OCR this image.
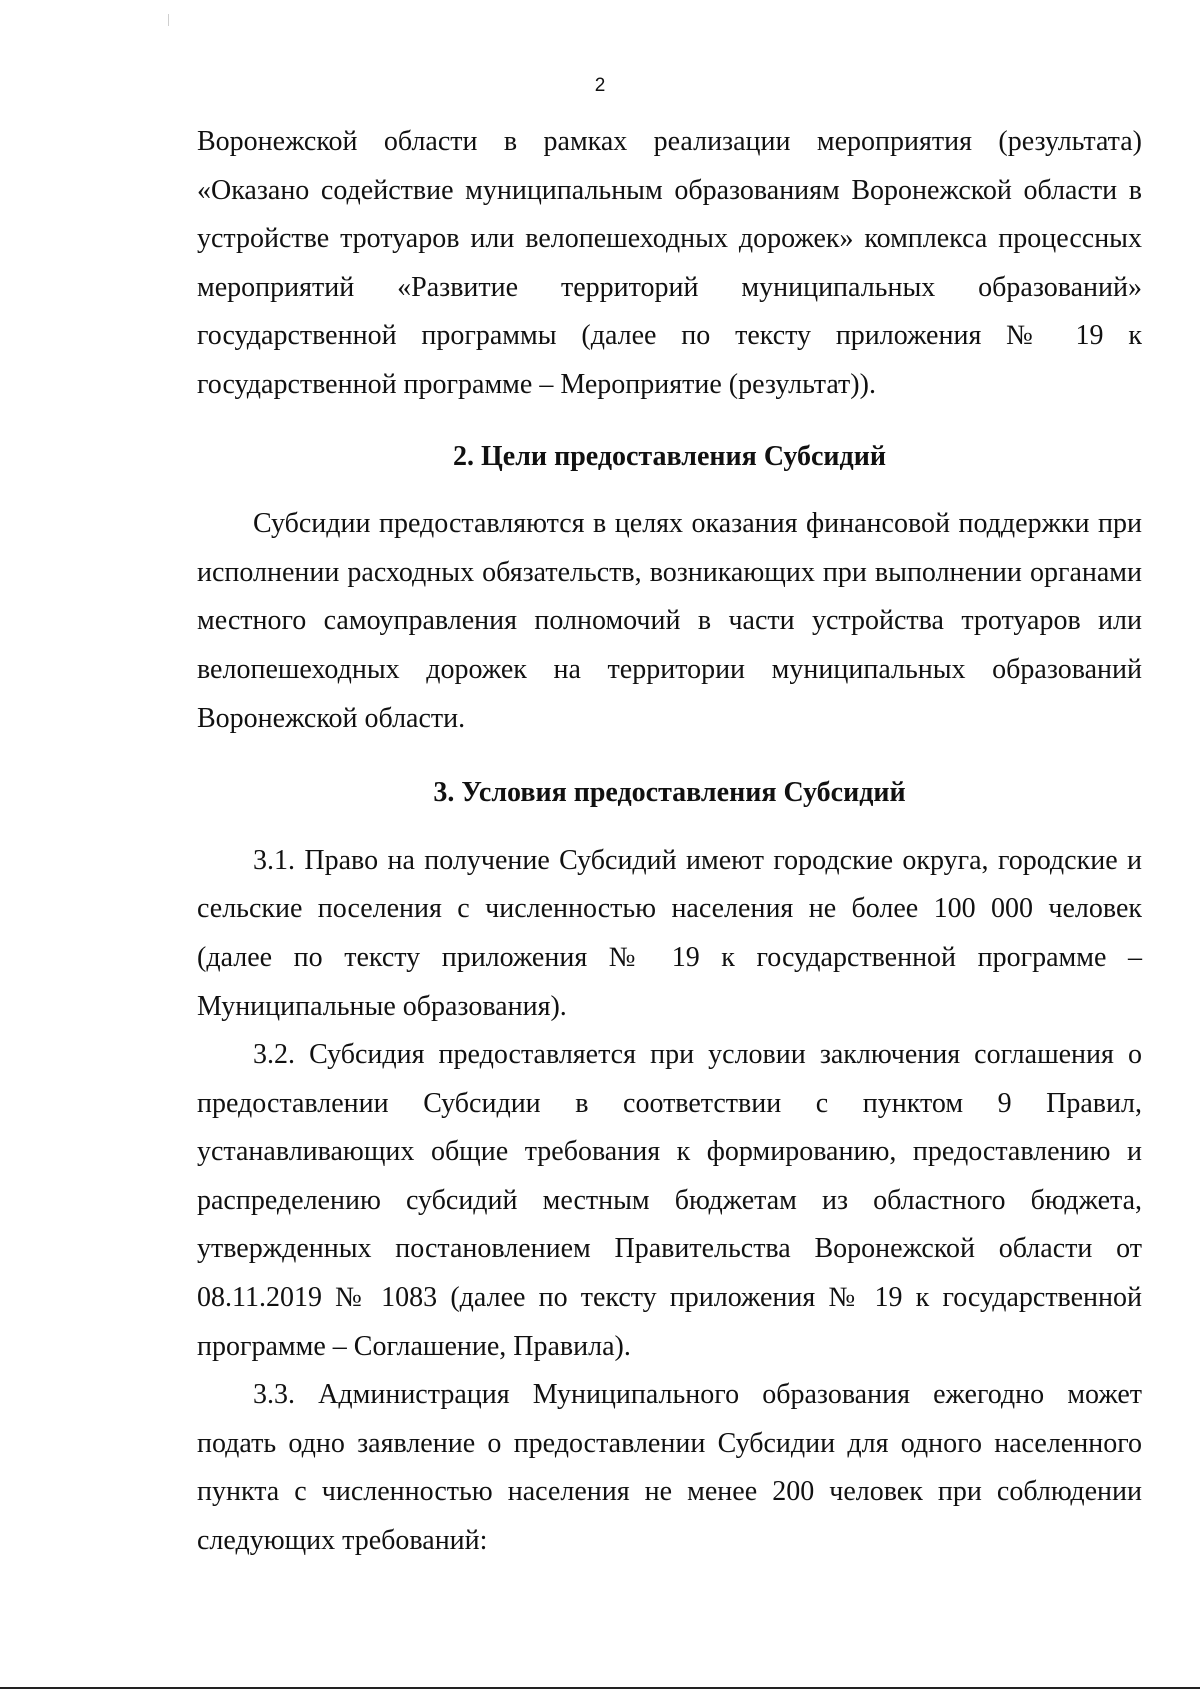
2

Воронежской области в рамках реализации мероприятия (результата) «Оказано содействие муниципальным образованиям Воронежской области в устройстве тротуаров или велопешеходных дорожек» комплекса процессных мероприятий «Развитие территорий муниципальных образований» государственной программы (далее по тексту приложения № 19 к государственной программе – Мероприятие (результат)).

2. Цели предоставления Субсидий

Субсидии предоставляются в целях оказания финансовой поддержки при исполнении расходных обязательств, возникающих при выполнении органами местного самоуправления полномочий в части устройства тротуаров или велопешеходных дорожек на территории муниципальных образований Воронежской области.

3. Условия предоставления Субсидий

3.1. Право на получение Субсидий имеют городские округа, городские и сельские поселения с численностью населения не более 100 000 человек (далее по тексту приложения № 19 к государственной программе – Муниципальные образования).

3.2. Субсидия предоставляется при условии заключения соглашения о предоставлении Субсидии в соответствии с пунктом 9 Правил, устанавливающих общие требования к формированию, предоставлению и распределению субсидий местным бюджетам из областного бюджета, утвержденных постановлением Правительства Воронежской области от 08.11.2019 № 1083 (далее по тексту приложения № 19 к государственной программе – Соглашение, Правила).

3.3. Администрация Муниципального образования ежегодно может подать одно заявление о предоставлении Субсидии для одного населенного пункта с численностью населения не менее 200 человек при соблюдении следующих требований:
